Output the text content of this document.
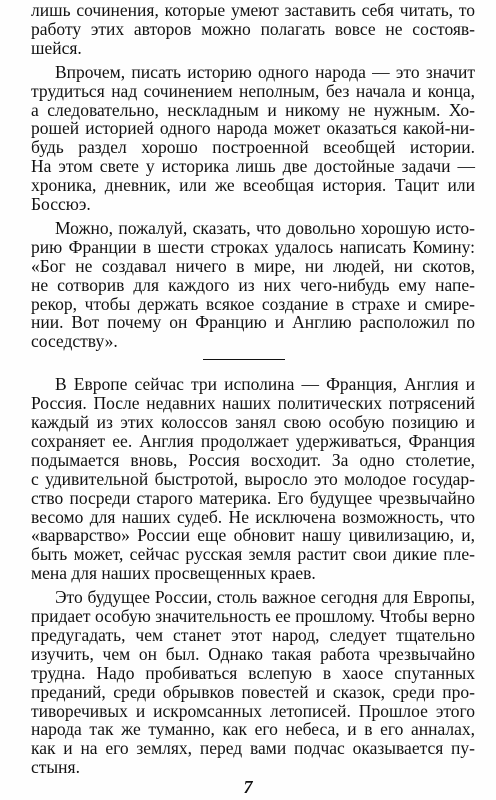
лишь сочинения, которые умеют заставить себя читать, то

работу этих авторов можно полагать вовсе не состояв-

шейся.

Впрочем, писать историю одного народа — это значит

трудиться над сочинением неполным, без начала и конца,

а следовательно, нескладным и никому не нужным. Хо-

рошей историей одного народа может оказаться какой-ни-

будь раздел хорошо построенной всеобщей истории.

На этом свете у историка лишь две достойные задачи —

хроника, дневник, или же всеобщая история. Тацит или

Боссюэ.

Можно, пожалуй, сказать, что довольно хорошую исто-

рию Франции в шести строках удалось написать Комину:

«Бог не создавал ничего в мире, ни людей, ни скотов,

не сотворив для каждого из них чего-нибудь ему напе-

рекор, чтобы держать всякое создание в страхе и смире-

нии. Вот почему он Францию и Англию расположил по

соседству».

В Европе сейчас три исполина — Франция, Англия и

Россия. После недавних наших политических потрясений

каждый из этих колоссов занял свою особую позицию и

сохраняет ее. Англия продолжает удерживаться, Франция

подымается вновь, Россия восходит. За одно столетие,

с удивительной быстротой, выросло это молодое государ-

ство посреди старого материка. Его будущее чрезвычайно

весомо для наших судеб. Не исключена возможность, что

«варварство» России еще обновит нашу цивилизацию, и,

быть может, сейчас русская земля растит свои дикие пле-

мена для наших просвещенных краев.

Это будущее России, столь важное сегодня для Европы,

придает особую значительность ее прошлому. Чтобы верно

предугадать, чем станет этот народ, следует тщательно

изучить, чем он был. Однако такая работа чрезвычайно

трудна. Надо пробиваться вслепую в хаосе спутанных

преданий, среди обрывков повестей и сказок, среди про-

тиворечивых и искромсанных летописей. Прошлое этого

народа так же туманно, как его небеса, и в его анналах,

как и на его землях, перед вами подчас оказывается пу-

стыня.

7
